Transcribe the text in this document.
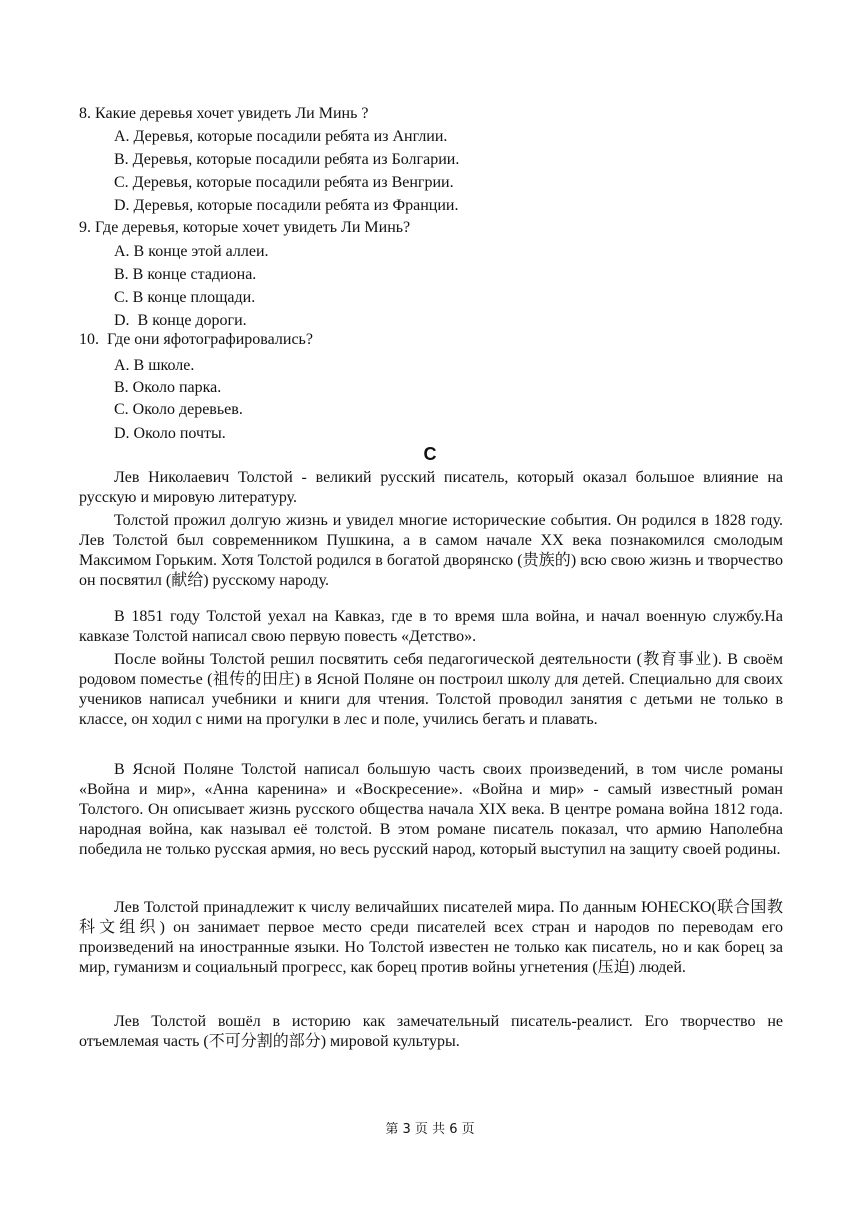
8. Какие деревья хочет увидеть Ли Минь ?
A. Деревья, которые посадили ребята из Англии.
B. Деревья, которые посадили ребята из Болгарии.
C. Деревья, которые посадили ребята из Венгрии.
D. Деревья, которые посадили ребята из Франции.
9. Где деревья, которые хочет увидеть Ли Минь?
A. В конце этой аллеи.
B. В конце стадиона.
C. В конце площади.
D.  В конце дороги.
10.  Где они яфотографировались?
A. В школе.
B. Около парка.
C. Около деревьев.
D. Около почты.
C

Лев Николаевич Толстой - великий русский писатель, который оказал большое влияние на русскую и мировую литературу.

Толстой прожил долгую жизнь и увидел многие исторические события. Он родился в 1828 году. Лев Толстой был современником Пушкина, а в самом начале XX века познакомился смолодым Максимом Горьким. Хотя Толстой родился в богатой дворянско (贵族的) всю свою жизнь и творчество он посвятил (献给) русскому народу.

В 1851 году Толстой уехал на Кавказ, где в то время шла война, и начал военную службу.На кавказе Толстой написал свою первую повесть «Детство».

После войны Толстой решил посвятить себя педагогической деятельности (教育事业). В своём родовом поместье (祖传的田庄) в Ясной Поляне он построил школу для детей. Специально для своих учеников написал учебники и книги для чтения. Толстой проводил занятия с детьми не только в классе, он ходил с ними на прогулки в лес и поле, учились бегать и плавать.

В Ясной Поляне Толстой написал большую часть своих произведений, в том числе романы «Война и мир», «Анна каренина» и «Воскресение». «Война и мир» - самый известный роман Толстого. Он описывает жизнь русского общества начала XIX века. В центре романа война 1812 года. народная война, как называл её толстой. В этом романе писатель показал, что армию Наполебна победила не только русская армия, но весь русский народ, который выступил на защиту своей родины.

Лев Толстой принадлежит к числу величайших писателей мира. По данным ЮНЕСКО(联合国教科文组织) он занимает первое место среди писателей всех стран и народов по переводам его произведений на иностранные языки. Но Толстой известен не только как писатель, но и как борец за мир, гуманизм и социальный прогресс, как борец против войны угнетения (压迫) людей.

Лев Толстой вошёл в историю как замечательный писатель-реалист. Его творчество не отъемлемая часть (不可分割的部分) мировой культуры.

第 3 页 共 6 页
